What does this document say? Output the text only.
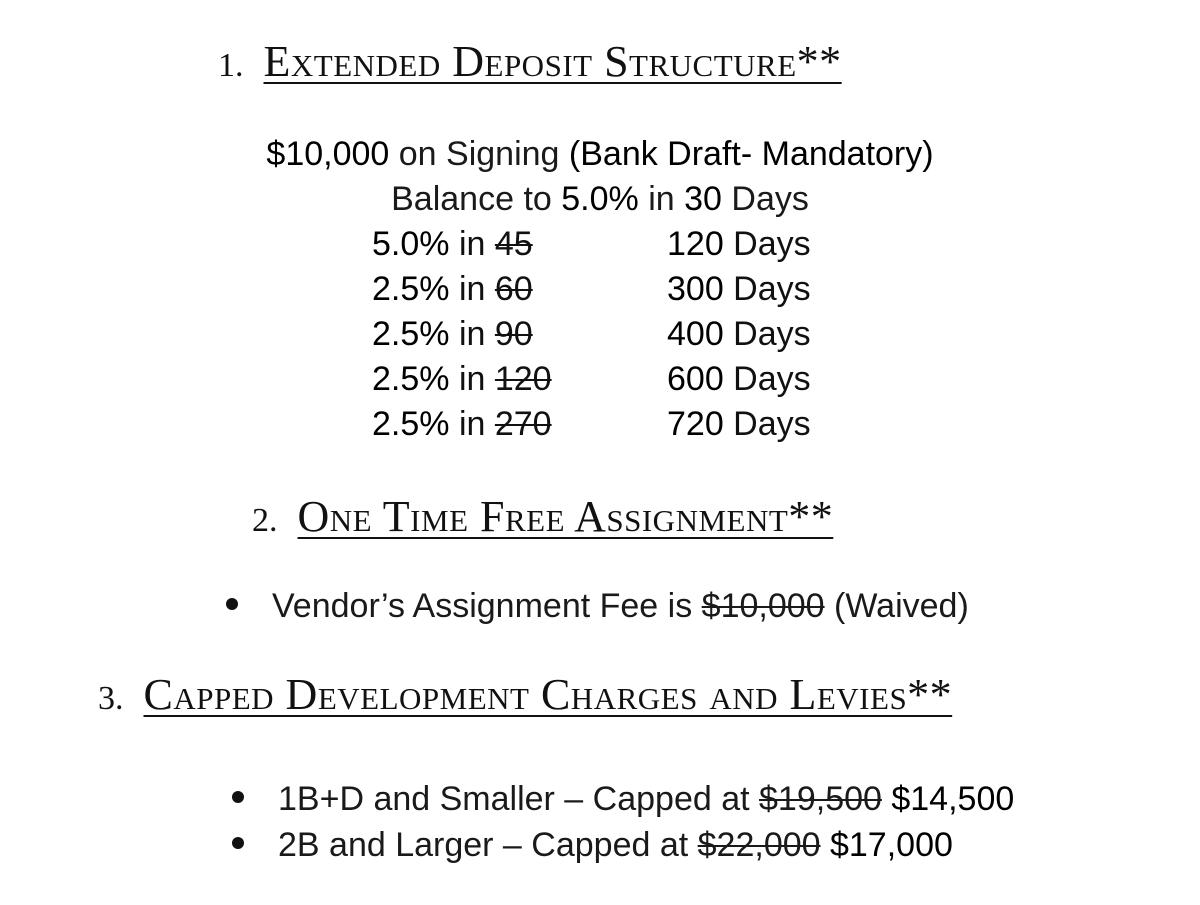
1. Extended Deposit Structure**
$10,000 on Signing (Bank Draft- Mandatory)
Balance to 5.0% in 30 Days
5.0% in 45	120 Days
2.5% in 60	300 Days
2.5% in 90	400 Days
2.5% in 120	600 Days
2.5% in 270	720 Days
2. One Time Free Assignment**
Vendor’s Assignment Fee is $10,000 (Waived)
3. Capped Development Charges and Levies**
1B+D and Smaller – Capped at $19,500 $14,500
2B and Larger – Capped at $22,000 $17,000
